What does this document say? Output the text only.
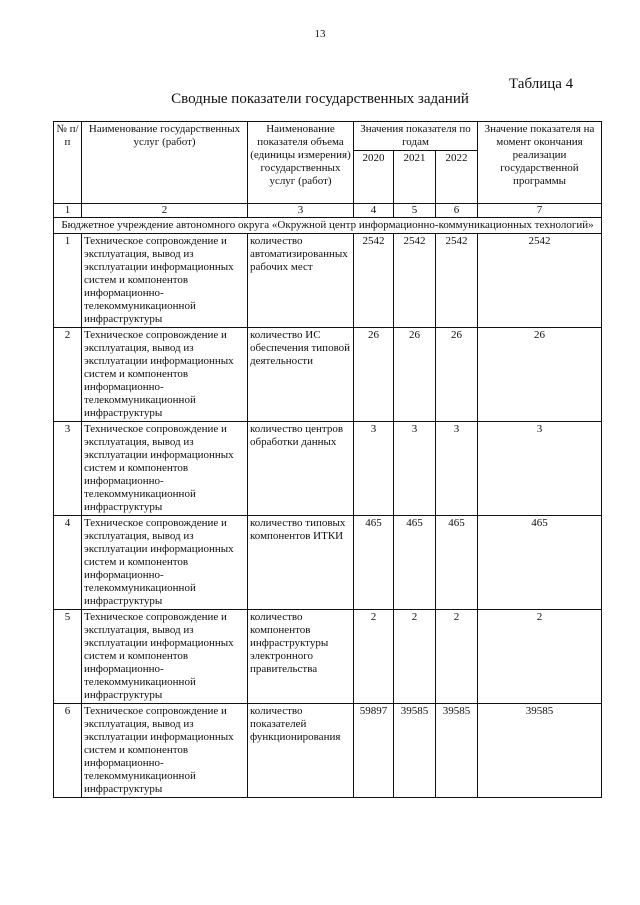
13
Таблица 4
Сводные показатели государственных заданий
№ п/п	Наименование государственных услуг (работ)	Наименование показателя объема (единицы измерения) государственных услуг (работ)	Значения показателя по годам			Значение показателя на момент окончания реализации государственной программы
			2020	2021	2022	
1	2	3	4	5	6	7
Бюджетное учреждение автономного округа «Окружной центр информационно-коммуникационных технологий»						
1	Техническое сопровождение и эксплуатация, вывод из эксплуатации информационных систем и компонентов информационно-телекоммуникационной инфраструктуры	количество автоматизированных рабочих мест	2542	2542	2542	2542
2	Техническое сопровождение и эксплуатация, вывод из эксплуатации информационных систем и компонентов информационно-телекоммуникационной инфраструктуры	количество ИС обеспечения типовой деятельности	26	26	26	26
3	Техническое сопровождение и эксплуатация, вывод из эксплуатации информационных систем и компонентов информационно-телекоммуникационной инфраструктуры	количество центров обработки данных	3	3	3	3
4	Техническое сопровождение и эксплуатация, вывод из эксплуатации информационных систем и компонентов информационно-телекоммуникационной инфраструктуры	количество типовых компонентов ИТКИ	465	465	465	465
5	Техническое сопровождение и эксплуатация, вывод из эксплуатации информационных систем и компонентов информационно-телекоммуникационной инфраструктуры	количество компонентов инфраструктуры электронного правительства	2	2	2	2
6	Техническое сопровождение и эксплуатация, вывод из эксплуатации информационных систем и компонентов информационно-телекоммуникационной инфраструктуры	количество показателей функционирования	59897	39585	39585	39585
